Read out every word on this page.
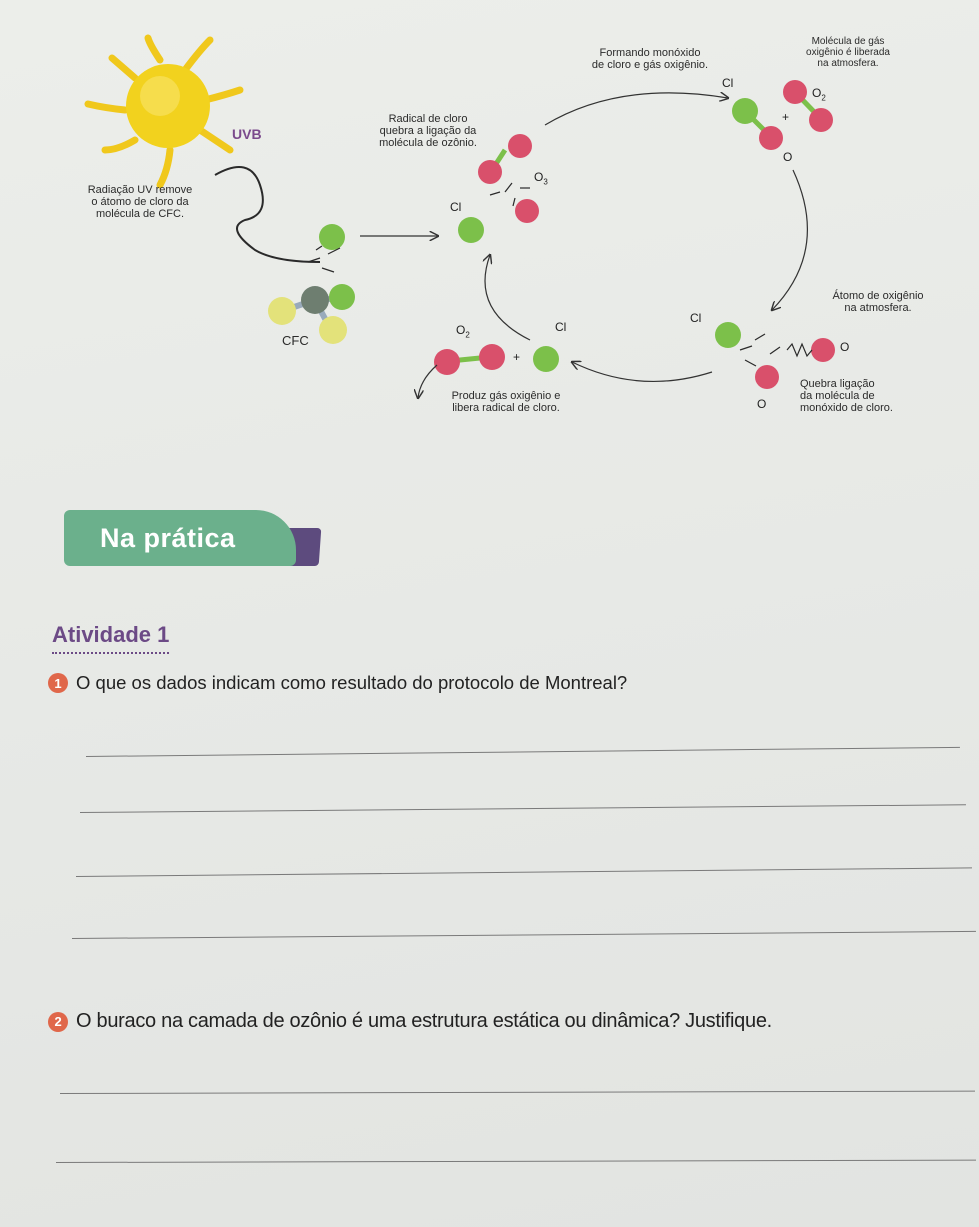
UVB
Radiação UV remove
o átomo de cloro da
molécula de CFC.
CFC
Radical de cloro
quebra a ligação da
molécula de ozônio.
Formando monóxido
de cloro e gás oxigênio.
Molécula de gás
oxigênio é liberada
na atmosfera.
Átomo de oxigênio
na atmosfera.
Quebra ligação
da molécula de
monóxido de cloro.
Produz gás oxigênio e
libera radical de cloro.
Cl
$O_2$
+
O
$O_3$
Cl
Cl
O
O
$O_2$
Cl
+
Na prática
Atividade 1
1 O que os dados indicam como resultado do protocolo de Montreal?
2 O buraco na camada de ozônio é uma estrutura estática ou dinâmica? Justifique.
